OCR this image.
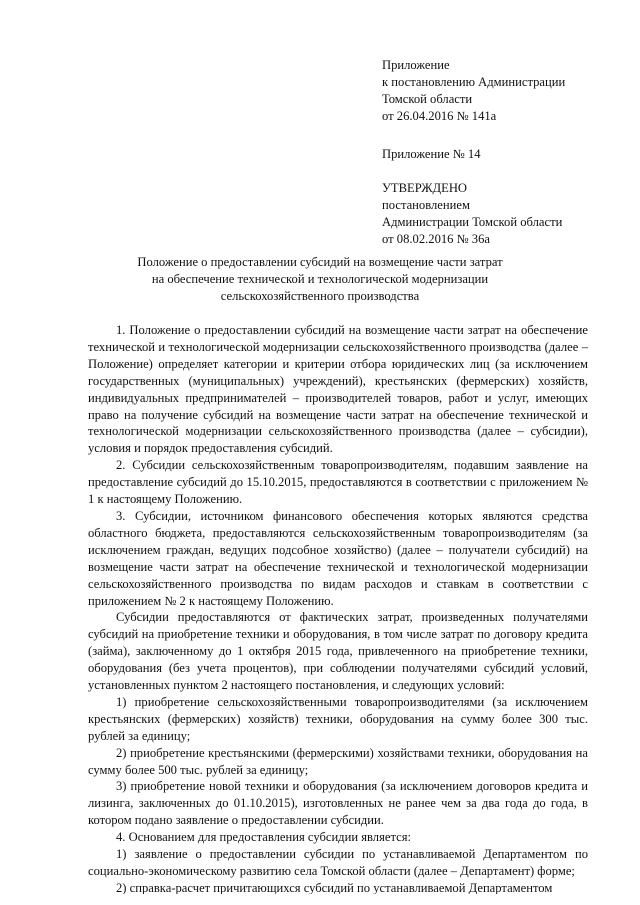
Приложение
к постановлению Администрации
Томской области
от 26.04.2016 № 141а
Приложение № 14
УТВЕРЖДЕНО
постановлением
Администрации Томской области
от 08.02.2016 № 36а
Положение о предоставлении субсидий на возмещение части затрат
на обеспечение технической и технологической модернизации
сельскохозяйственного производства

1. Положение о предоставлении субсидий на возмещение части затрат на обеспечение технической и технологической модернизации сельскохозяйственного производства (далее – Положение) определяет категории и критерии отбора юридических лиц (за исключением государственных (муниципальных) учреждений), крестьянских (фермерских) хозяйств, индивидуальных предпринимателей – производителей товаров, работ и услуг, имеющих право на получение субсидий на возмещение части затрат на обеспечение технической и технологической модернизации сельскохозяйственного производства (далее – субсидии), условия и порядок предоставления субсидий.

2. Субсидии сельскохозяйственным товаропроизводителям, подавшим заявление на предоставление субсидий до 15.10.2015, предоставляются в соответствии с приложением № 1 к настоящему Положению.

3. Субсидии, источником финансового обеспечения которых являются средства областного бюджета, предоставляются сельскохозяйственным товаропроизводителям (за исключением граждан, ведущих подсобное хозяйство) (далее – получатели субсидий) на возмещение части затрат на обеспечение технической и технологической модернизации сельскохозяйственного производства по видам расходов и ставкам в соответствии с приложением № 2 к настоящему Положению.

Субсидии предоставляются от фактических затрат, произведенных получателями субсидий на приобретение техники и оборудования, в том числе затрат по договору кредита (займа), заключенному до 1 октября 2015 года, привлеченного на приобретение техники, оборудования (без учета процентов), при соблюдении получателями субсидий условий, установленных пунктом 2 настоящего постановления, и следующих условий:

1) приобретение сельскохозяйственными товаропроизводителями (за исключением крестьянских (фермерских) хозяйств) техники, оборудования на сумму более 300 тыс. рублей за единицу;

2) приобретение крестьянскими (фермерскими) хозяйствами техники, оборудования на сумму более 500 тыс. рублей за единицу;

3) приобретение новой техники и оборудования (за исключением договоров кредита и лизинга, заключенных до 01.10.2015), изготовленных не ранее чем за два года до года, в котором подано заявление о предоставлении субсидии.

4. Основанием для предоставления субсидии является:

1) заявление о предоставлении субсидии по устанавливаемой Департаментом по социально-экономическому развитию села Томской области (далее – Департамент) форме;

2) справка-расчет причитающихся субсидий по устанавливаемой Департаментом
